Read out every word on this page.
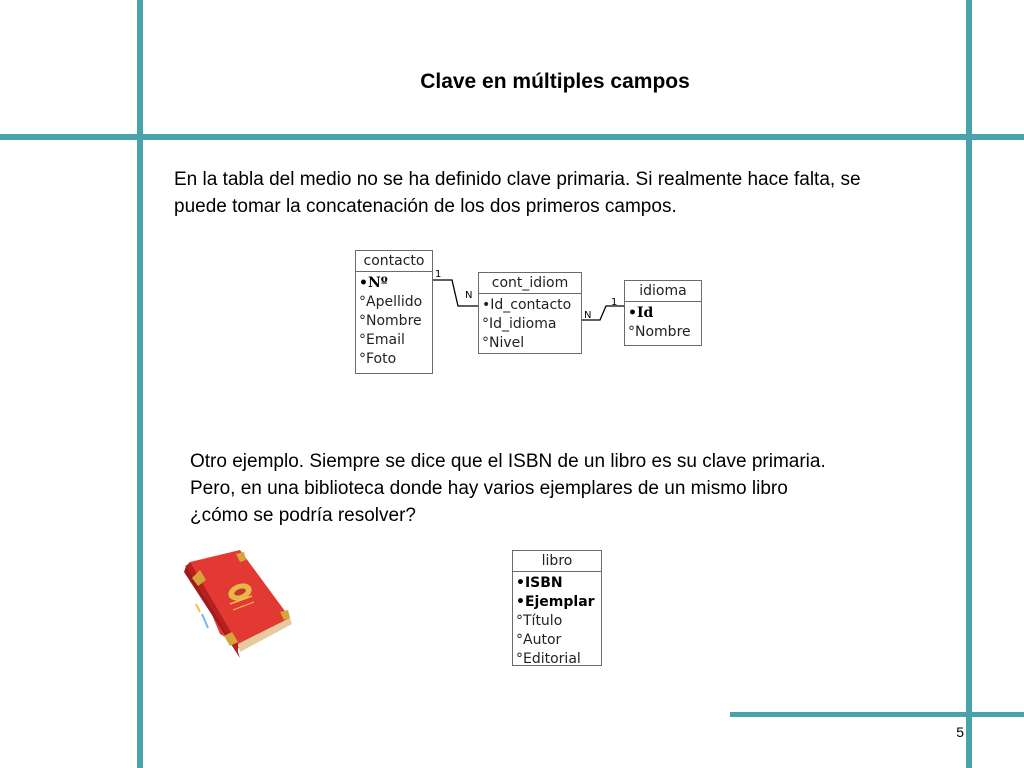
Clave en múltiples campos
En la tabla del medio no se ha definido clave primaria. Si realmente hace falta, se puede tomar la concatenación de los dos primeros campos.
1
N
1
N
contacto
•Nº
°Apellido
°Nombre
°Email
°Foto
cont_idiom
•Id_contacto
°Id_idioma
°Nivel
idioma
•Id
°Nombre
Otro ejemplo. Siempre se dice que el ISBN de un libro es su clave primaria. Pero, en una biblioteca donde hay varios ejemplares de un mismo libro ¿cómo se podría resolver?
libro
•ISBN
•Ejemplar
°Título
°Autor
°Editorial
5
